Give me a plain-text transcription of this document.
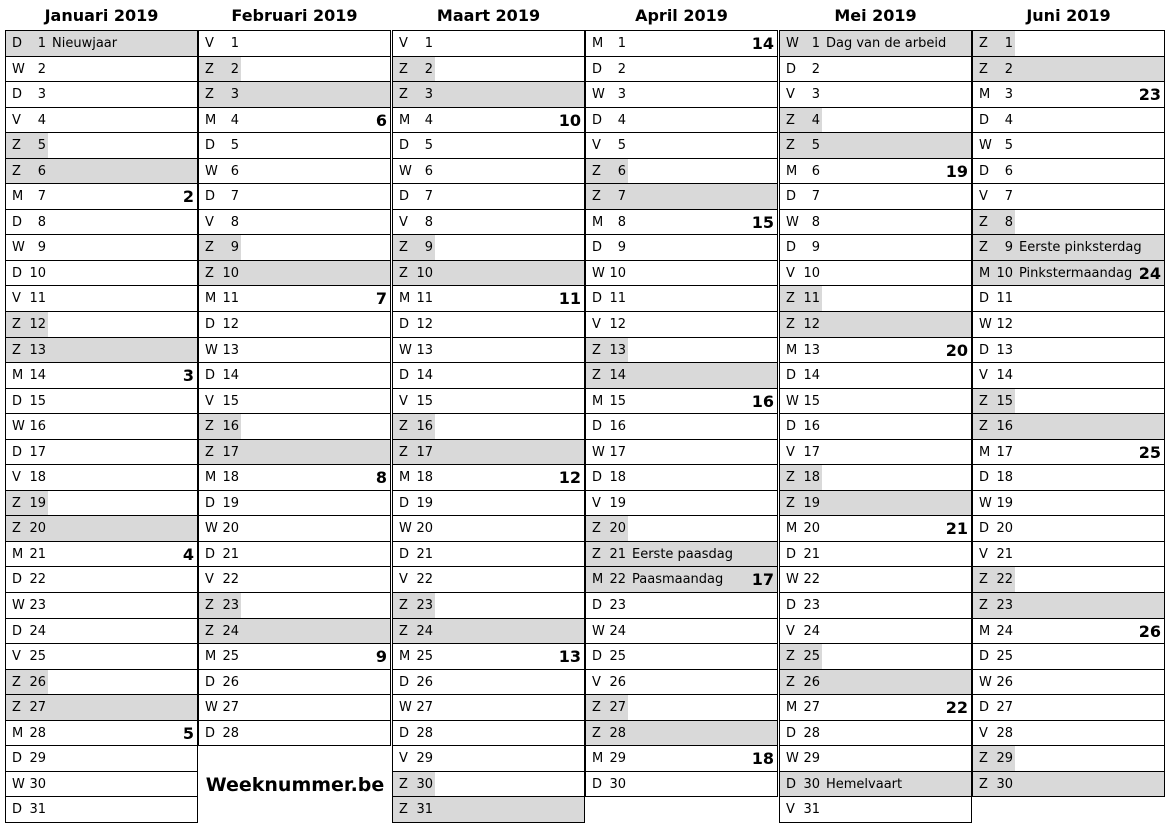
Januari 2019
D	1 Nieuwjaar
W 2
D	3
V	4
Z	5
Z	6
M	7	2
D	8
W 9
D 10
V 11
Z 12
Z 13
M 14	3
D 15
W 16
D 17
V 18
Z 19
Z 20
M 21	4
D 22
W 23
D 24
V 25
Z 26
Z 27
M 28	5
D 29
W 30
D 31
Februari 2019
V	1
Z	2
Z	3
M	4	6
D	5
W 6
D	7
V	8
Z	9
Z 10
M 11	7
D 12
W 13
D 14
V 15
Z 16
Z 17
M 18	8
D 19
W 20
D 21
V 22
Z 23
Z 24
M 25	9
D 26
W 27
D 28
Maart 2019
V	1
Z	2
Z	3
M	4	10
D	5
W 6
D	7
V	8
Z	9
Z 10
M 11	11
D 12
W 13
D 14
V 15
Z 16
Z 17
M 18	12
D 19
W 20
D 21
V 22
Z 23
Z 24
M 25	13
D 26
W 27
D 28
V 29
Z 30
Z 31
April 2019
M	1	14
D	2
W 3
D	4
V	5
Z	6
Z	7
M	8	15
D	9
W 10
D 11
V 12
Z 13
Z 14
M 15	16
D 16
W 17
D 18
V 19
Z 20
Z 21 Eerste paasdag
M 22 Paasmaandag 17
D 23
W 24
D 25
V 26
Z 27
Z 28
M 29	18
D 30
Mei 2019
W 1 Dag van de arbeid
D	2
V	3
Z	4
Z	5
M	6	19
D	7
W 8
D	9
V 10
Z 11
Z 12
M 13	20
D 14
W 15
D 16
V 17
Z 18
Z 19
M 20	21
D 21
W 22
D 23
V 24
Z 25
Z 26
M 27	22
D 28
W 29
D 30 Hemelvaart
V 31
Juni 2019
Z	1
Z	2
M	3	23
D	4
W 5
D	6
V	7
Z	8
Z	9 Eerste pinksterdag
M 10 Pinkstermaandag 24
D 11
W 12
D 13
V 14
Z 15
Z 16
M 17	25
D 18
W 19
D 20
V 21
Z 22
Z 23
M 24	26
D 25
W 26
D 27
V 28
Z 29
Z 30
Weeknummer.be
